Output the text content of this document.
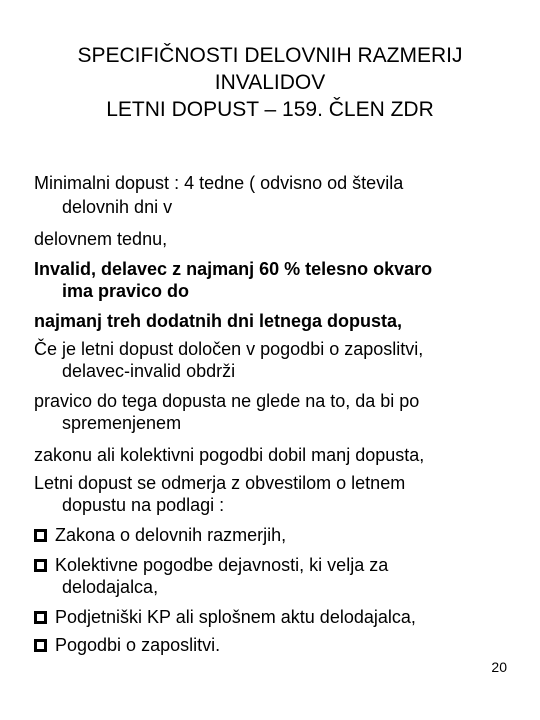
SPECIFIČNOSTI DELOVNIH RAZMERIJ
INVALIDOV
LETNI DOPUST – 159. ČLEN ZDR
Minimalni dopust : 4 tedne ( odvisno od števila
delovnih dni v
delovnem tednu,
Invalid, delavec z najmanj 60 % telesno okvaro
ima pravico do
najmanj treh dodatnih dni letnega dopusta,
Če je letni dopust določen v pogodbi o zaposlitvi,
delavec-invalid obdrži
pravico do tega dopusta ne glede na to, da bi po
spremenjenem
zakonu ali kolektivni pogodbi dobil manj dopusta,
Letni dopust se odmerja z obvestilom o letnem
dopustu na podlagi :
Zakona o delovnih razmerjih,
Kolektivne pogodbe dejavnosti, ki velja za
delodajalca,
Podjetniški KP ali splošnem aktu delodajalca,
Pogodbi o zaposlitvi.
20
